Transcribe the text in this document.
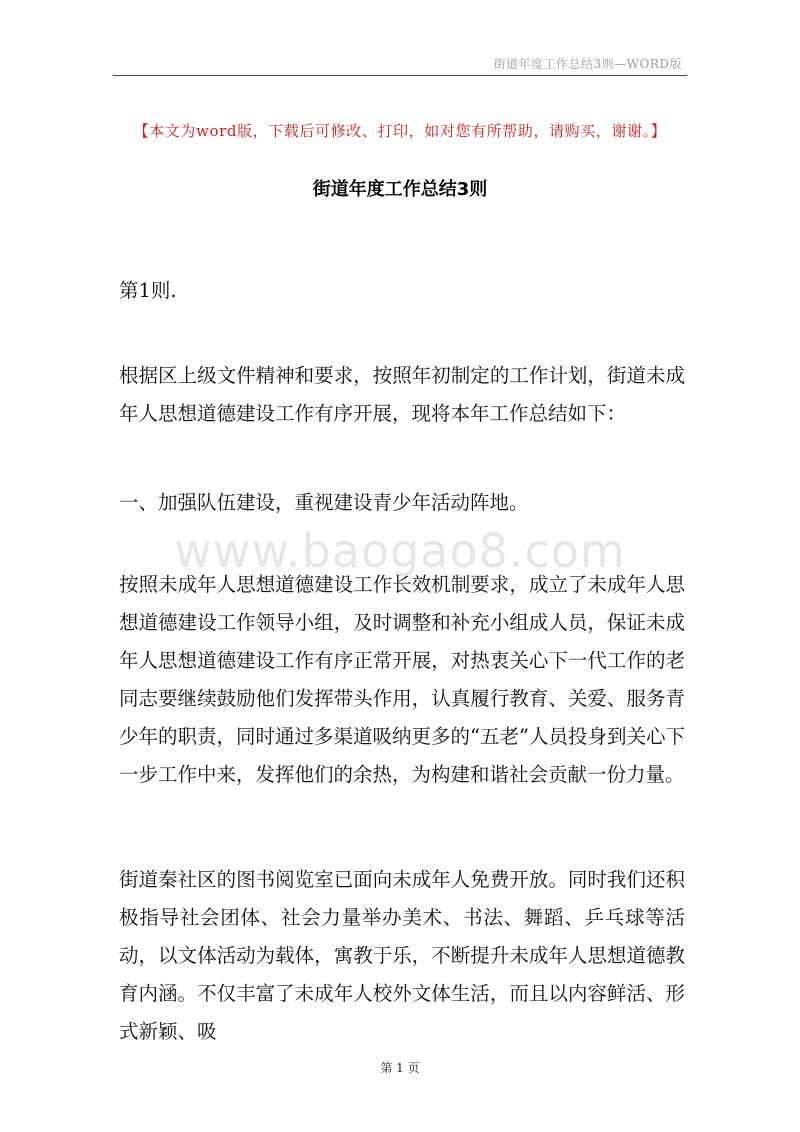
街道年度工作总结3则—WORD版
【本文为word版，下载后可修改、打印，如对您有所帮助，请购买，谢谢。】
街道年度工作总结3则
www.baogao8.com

第1则.

根据区上级文件精神和要求，按照年初制定的工作计划，街道未成年人思想道德建设工作有序开展，现将本年工作总结如下：

一、加强队伍建设，重视建设青少年活动阵地。

按照未成年人思想道德建设工作长效机制要求，成立了未成年人思想道德建设工作领导小组，及时调整和补充小组成人员，保证未成年人思想道德建设工作有序正常开展，对热衷关心下一代工作的老同志要继续鼓励他们发挥带头作用，认真履行教育、关爱、服务青少年的职责，同时通过多渠道吸纳更多的“五老”人员投身到关心下一步工作中来，发挥他们的余热，为构建和谐社会贡献一份力量。

街道秦社区的图书阅览室已面向未成年人免费开放。同时我们还积极指导社会团体、社会力量举办美术、书法、舞蹈、乒乓球等活动，以文体活动为载体，寓教于乐，不断提升未成年人思想道德教育内涵。不仅丰富了未成年人校外文体生活，而且以内容鲜活、形式新颖、吸

第 1 页
